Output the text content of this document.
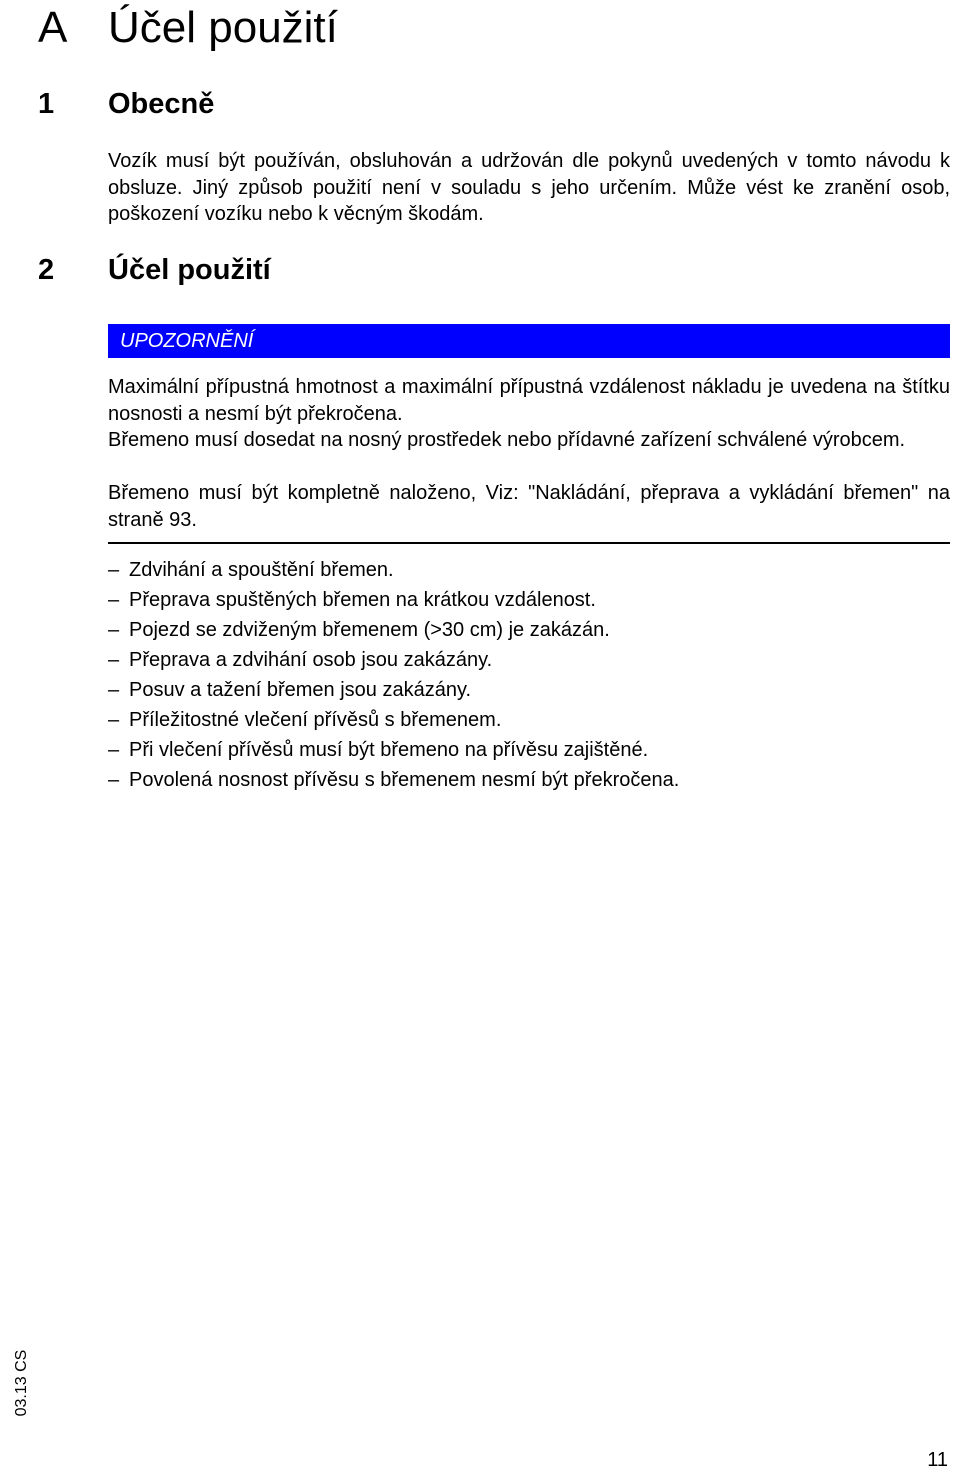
A Účel použití
1 Obecně
Vozík musí být používán, obsluhován a udržován dle pokynů uvedených v tomto návodu k obsluze. Jiný způsob použití není v souladu s jeho určením. Může vést ke zranění osob, poškození vozíku nebo k věcným škodám.
2 Účel použití
UPOZORNĚNÍ
Maximální přípustná hmotnost a maximální přípustná vzdálenost nákladu je uvedena na štítku nosnosti a nesmí být překročena.
Břemeno musí dosedat na nosný prostředek nebo přídavné zařízení schválené výrobcem.
Břemeno musí být kompletně naloženo, Viz: "Nakládání, přeprava a vykládání břemen" na straně 93.
– Zdvihání a spouštění břemen.
– Přeprava spuštěných břemen na krátkou vzdálenost.
– Pojezd se zdviženým břemenem (>30 cm) je zakázán.
– Přeprava a zdvihání osob jsou zakázány.
– Posuv a tažení břemen jsou zakázány.
– Příležitostné vlečení přívěsů s břemenem.
– Při vlečení přívěsů musí být břemeno na přívěsu zajištěné.
– Povolená nosnost přívěsu s břemenem nesmí být překročena.
03.13 CS
11
